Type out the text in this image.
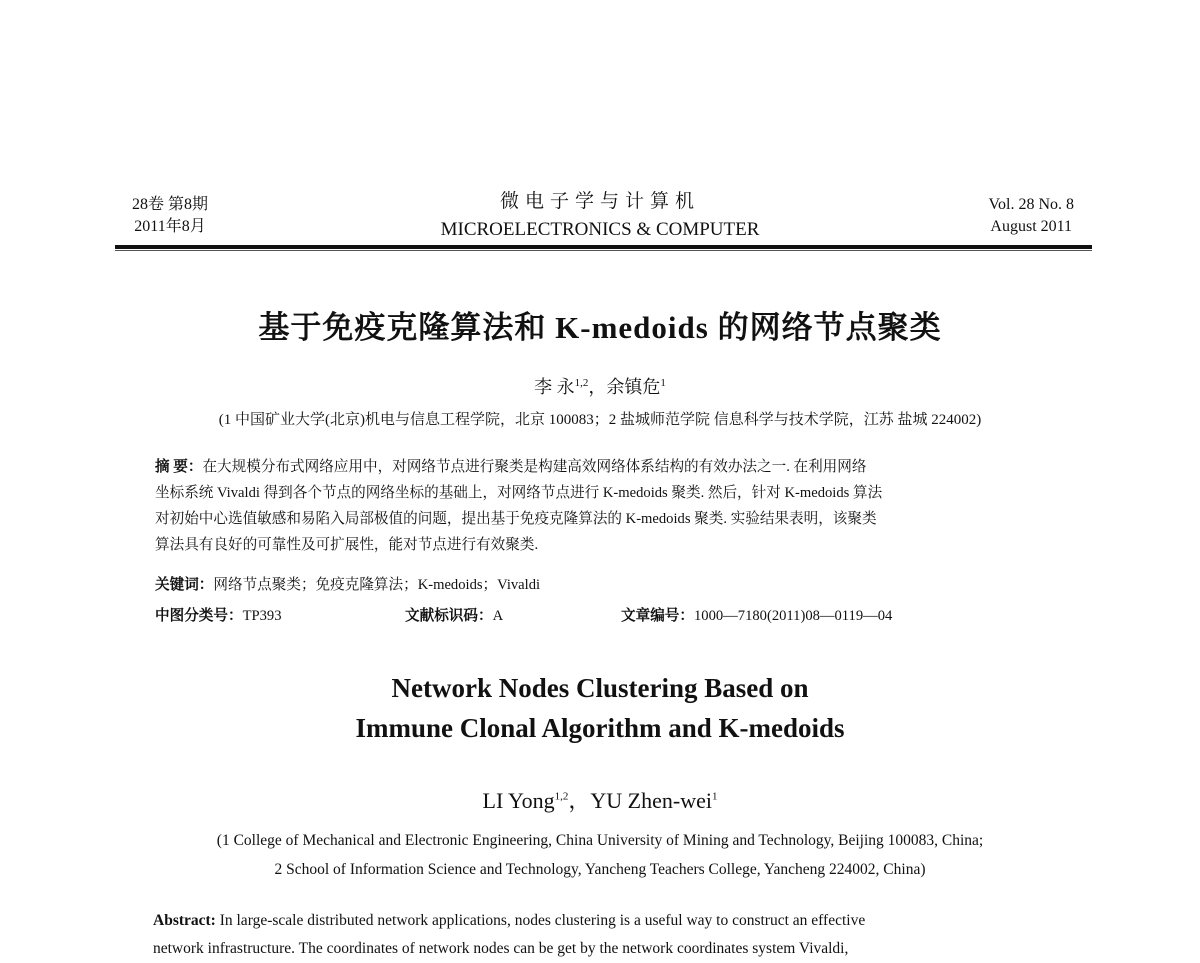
28卷 第8期
2011年8月
微电子学与计算机
MICROELECTRONICS & COMPUTER
Vol. 28 No. 8
August 2011
基于免疫克隆算法和 K-medoids 的网络节点聚类
李 永$^{1,2}$，余镇危$^1$
(1 中国矿业大学(北京)机电与信息工程学院，北京 100083；2 盐城师范学院 信息科学与技术学院，江苏 盐城 224002)
摘 要：在大规模分布式网络应用中，对网络节点进行聚类是构建高效网络体系结构的有效办法之一. 在利用网络
坐标系统 Vivaldi 得到各个节点的网络坐标的基础上，对网络节点进行 K-medoids 聚类. 然后，针对 K-medoids 算法
对初始中心选值敏感和易陷入局部极值的问题，提出基于免疫克隆算法的 K-medoids 聚类. 实验结果表明，该聚类
算法具有良好的可靠性及可扩展性，能对节点进行有效聚类.
关键词：网络节点聚类；免疫克隆算法；K-medoids；Vivaldi
中图分类号：TP393	文献标识码：A	文章编号：1000—7180(2011)08—0119—04
Network Nodes Clustering Based on
Immune Clonal Algorithm and K-medoids
LI Yong$^{1,2}$，YU Zhen-wei$^1$
(1 College of Mechanical and Electronic Engineering, China University of Mining and Technology, Beijing 100083, China;
2 School of Information Science and Technology, Yancheng Teachers College, Yancheng 224002, China)
Abstract: In large-scale distributed network applications, nodes clustering is a useful way to construct an effective
network infrastructure. The coordinates of network nodes can be get by the network coordinates system Vivaldi,
